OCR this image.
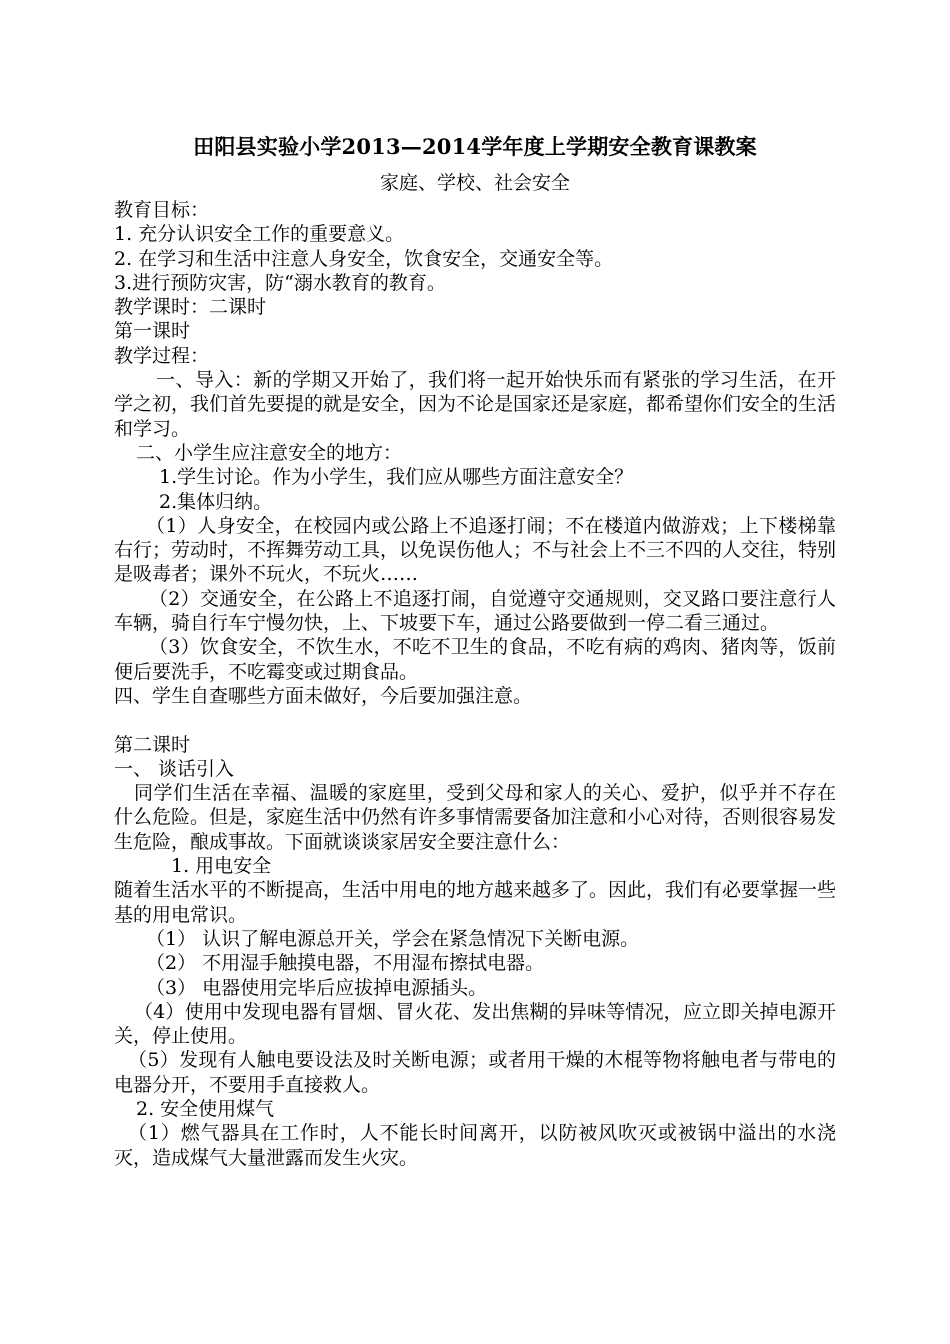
田阳县实验小学2013—2014学年度上学期安全教育课教案

家庭、学校、社会安全

教育目标：

1. 充分认识安全工作的重要意义。

2. 在学习和生活中注意人身安全，饮食安全，交通安全等。

3.进行预防灾害，防“溺水教育的教育。

教学课时：二课时

第一课时

教学过程：

一、导入：新的学期又开始了，我们将一起开始快乐而有紧张的学习生活，在开学之初，我们首先要提的就是安全，因为不论是国家还是家庭，都希望你们安全的生活和学习。

二、小学生应注意安全的地方：

1.学生讨论。作为小学生，我们应从哪些方面注意安全？

2.集体归纳。

（1）人身安全，在校园内或公路上不追逐打闹；不在楼道内做游戏；上下楼梯靠右行；劳动时，不挥舞劳动工具，以免误伤他人；不与社会上不三不四的人交往，特别是吸毒者；课外不玩火，不玩火……

（2）交通安全，在公路上不追逐打闹，自觉遵守交通规则，交叉路口要注意行人车辆，骑自行车宁慢勿快，上、下坡要下车，通过公路要做到一停二看三通过。

（3）饮食安全，不饮生水，不吃不卫生的食品，不吃有病的鸡肉、猪肉等，饭前便后要洗手，不吃霉变或过期食品。

四、学生自查哪些方面未做好，今后要加强注意。

第二课时

一、 谈话引入

同学们生活在幸福、温暖的家庭里，受到父母和家人的关心、爱护，似乎并不存在什么危险。但是，家庭生活中仍然有许多事情需要备加注意和小心对待，否则很容易发生危险，酿成事故。下面就谈谈家居安全要注意什么：

1. 用电安全

随着生活水平的不断提高，生活中用电的地方越来越多了。因此，我们有必要掌握一些基的用电常识。

（1） 认识了解电源总开关，学会在紧急情况下关断电源。

（2） 不用湿手触摸电器，不用湿布擦拭电器。

（3） 电器使用完毕后应拔掉电源插头。

（4）使用中发现电器有冒烟、冒火花、发出焦糊的异味等情况，应立即关掉电源开关，停止使用。

（5）发现有人触电要设法及时关断电源；或者用干燥的木棍等物将触电者与带电的电器分开，不要用手直接救人。

2. 安全使用煤气

（1）燃气器具在工作时，人不能长时间离开，以防被风吹灭或被锅中溢出的水浇灭，造成煤气大量泄露而发生火灾。
